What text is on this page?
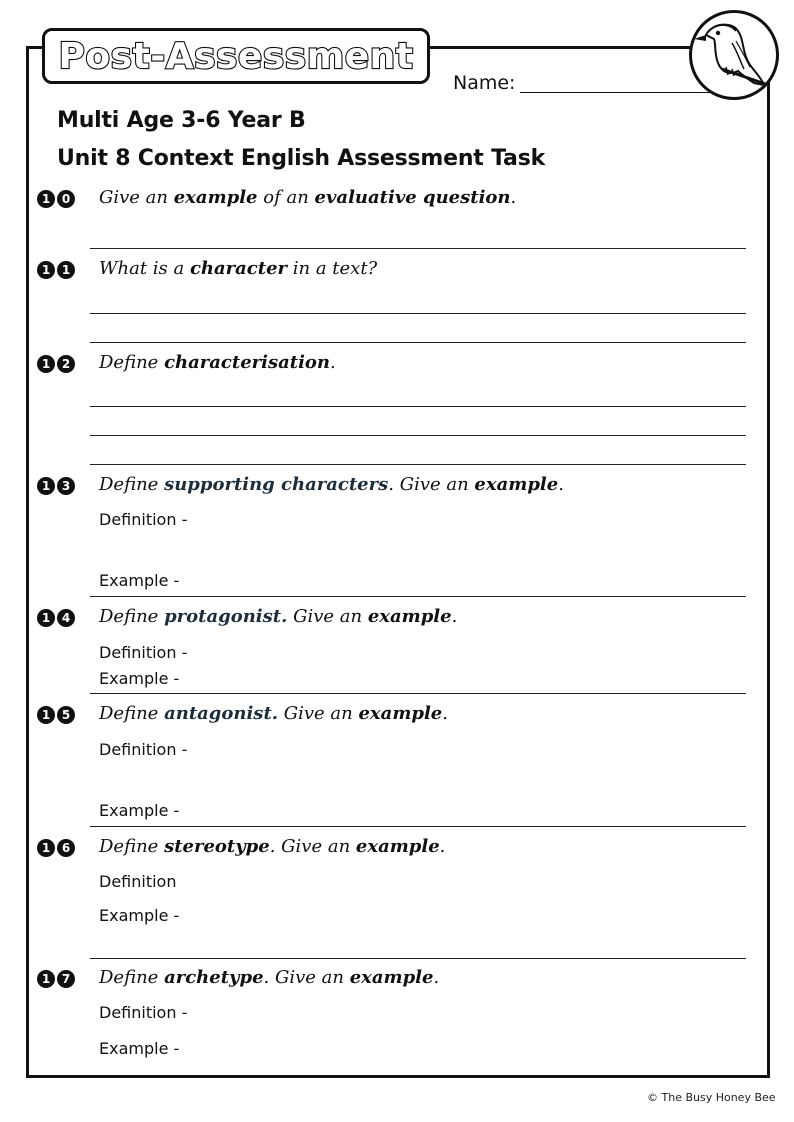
Post-Assessment
Name:
Multi Age 3-6 Year B
Unit 8 Context English Assessment Task
1 0 Give an example of an evaluative question.
1 1 What is a character in a text?
1 2 Define characterisation.
1 3 Define supporting characters. Give an example.
Definition -
Example -
1 4 Define protagonist. Give an example.
Definition -
Example -
1 5 Define antagonist. Give an example.
Definition -
Example -
1 6 Define stereotype. Give an example.
Definition
Example -
1 7 Define archetype. Give an example.
Definition -
Example -
© The Busy Honey Bee
